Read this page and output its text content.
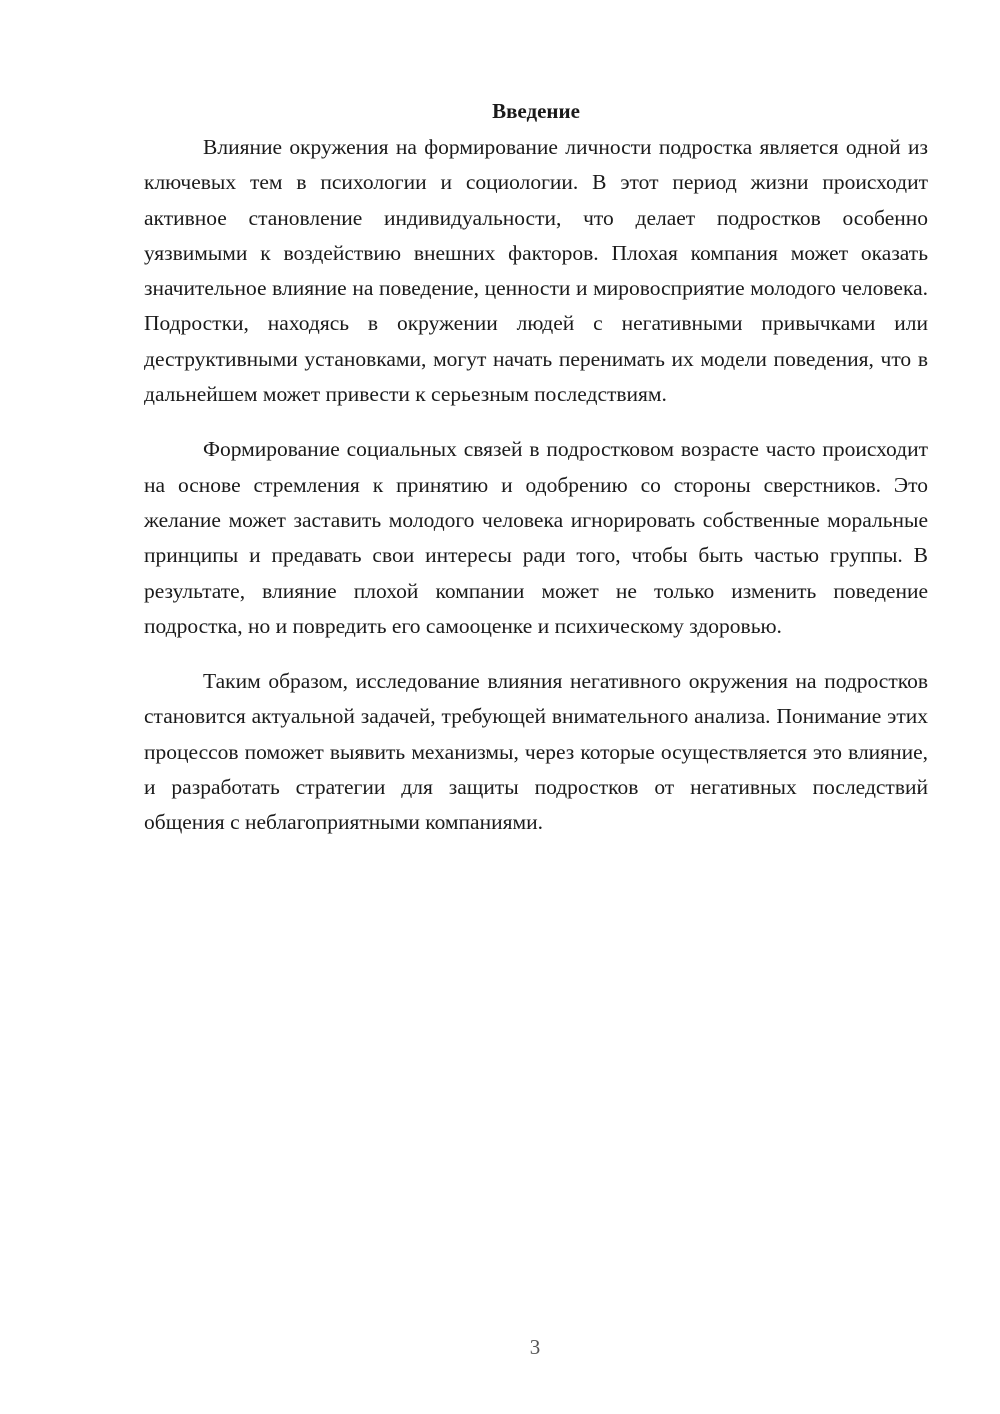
Введение

Влияние окружения на формирование личности подростка является одной из ключевых тем в психологии и социологии. В этот период жизни происходит активное становление индивидуальности, что делает подростков особенно уязвимыми к воздействию внешних факторов. Плохая компания может оказать значительное влияние на поведение, ценности и мировосприятие молодого человека. Подростки, находясь в окружении людей с негативными привычками или деструктивными установками, могут начать перенимать их модели поведения, что в дальнейшем может привести к серьезным последствиям.

Формирование социальных связей в подростковом возрасте часто происходит на основе стремления к принятию и одобрению со стороны сверстников. Это желание может заставить молодого человека игнорировать собственные моральные принципы и предавать свои интересы ради того, чтобы быть частью группы. В результате, влияние плохой компании может не только изменить поведение подростка, но и повредить его самооценке и психическому здоровью.

Таким образом, исследование влияния негативного окружения на подростков становится актуальной задачей, требующей внимательного анализа. Понимание этих процессов поможет выявить механизмы, через которые осуществляется это влияние, и разработать стратегии для защиты подростков от негативных последствий общения с неблагоприятными компаниями.

3
